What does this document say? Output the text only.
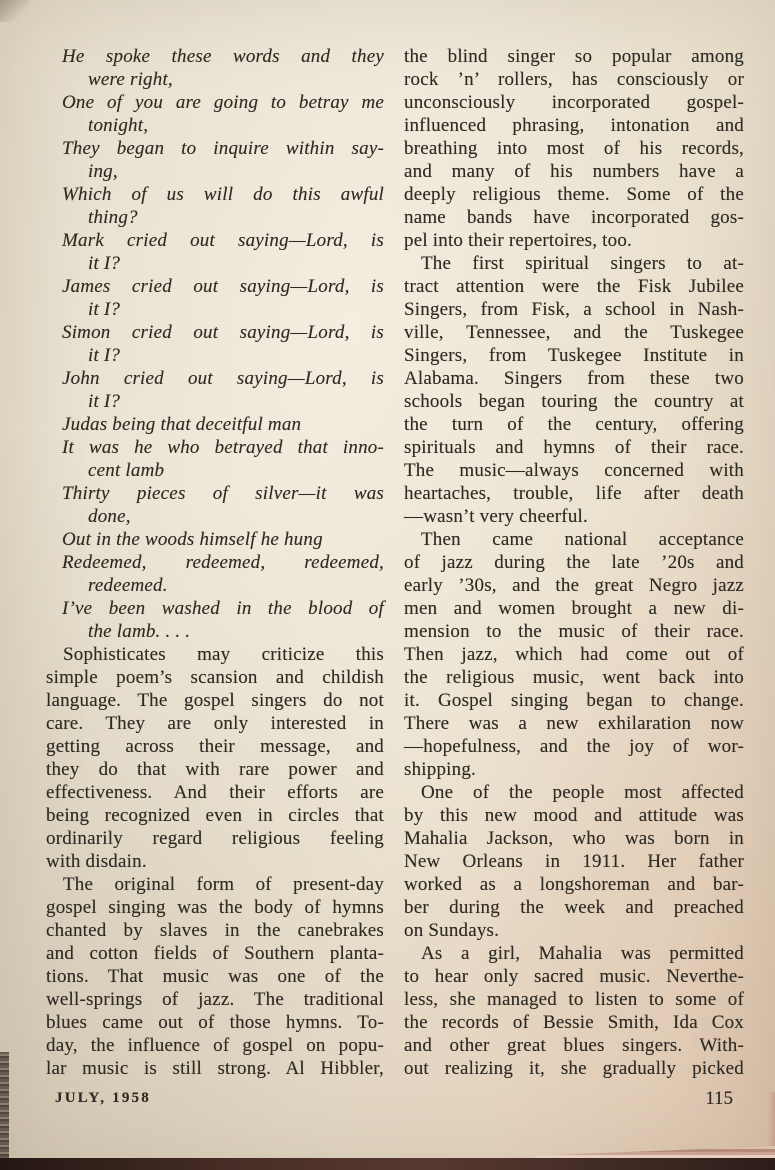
He spoke these words and they
were right,
One of you are going to betray me
tonight,
They began to inquire within say-
ing,
Which of us will do this awful
thing?
Mark cried out saying—Lord, is
it I?
James cried out saying—Lord, is
it I?
Simon cried out saying—Lord, is
it I?
John cried out saying—Lord, is
it I?
Judas being that deceitful man
It was he who betrayed that inno-
cent lamb
Thirty pieces of silver—it was
done,
Out in the woods himself he hung
Redeemed, redeemed, redeemed,
redeemed.
I’ve been washed in the blood of
the lamb. . . .
Sophisticates may criticize this
simple poem’s scansion and childish
language. The gospel singers do not
care. They are only interested in
getting across their message, and
they do that with rare power and
effectiveness. And their efforts are
being recognized even in circles that
ordinarily regard religious feeling
with disdain.
The original form of present-day
gospel singing was the body of hymns
chanted by slaves in the canebrakes
and cotton fields of Southern planta-
tions. That music was one of the
well-springs of jazz. The traditional
blues came out of those hymns. To-
day, the influence of gospel on popu-
lar music is still strong. Al Hibbler,
the blind singer so popular among
rock ’n’ rollers, has consciously or
unconsciously incorporated gospel-
influenced phrasing, intonation and
breathing into most of his records,
and many of his numbers have a
deeply religious theme. Some of the
name bands have incorporated gos-
pel into their repertoires, too.
The first spiritual singers to at-
tract attention were the Fisk Jubilee
Singers, from Fisk, a school in Nash-
ville, Tennessee, and the Tuskegee
Singers, from Tuskegee Institute in
Alabama. Singers from these two
schools began touring the country at
the turn of the century, offering
spirituals and hymns of their race.
The music—always concerned with
heartaches, trouble, life after death
—wasn’t very cheerful.
Then came national acceptance
of jazz during the late ’20s and
early ’30s, and the great Negro jazz
men and women brought a new di-
mension to the music of their race.
Then jazz, which had come out of
the religious music, went back into
it. Gospel singing began to change.
There was a new exhilaration now
—hopefulness, and the joy of wor-
shipping.
One of the people most affected
by this new mood and attitude was
Mahalia Jackson, who was born in
New Orleans in 1911. Her father
worked as a longshoreman and bar-
ber during the week and preached
on Sundays.
As a girl, Mahalia was permitted
to hear only sacred music. Neverthe-
less, she managed to listen to some of
the records of Bessie Smith, Ida Cox
and other great blues singers. With-
out realizing it, she gradually picked
JULY, 1958	115
